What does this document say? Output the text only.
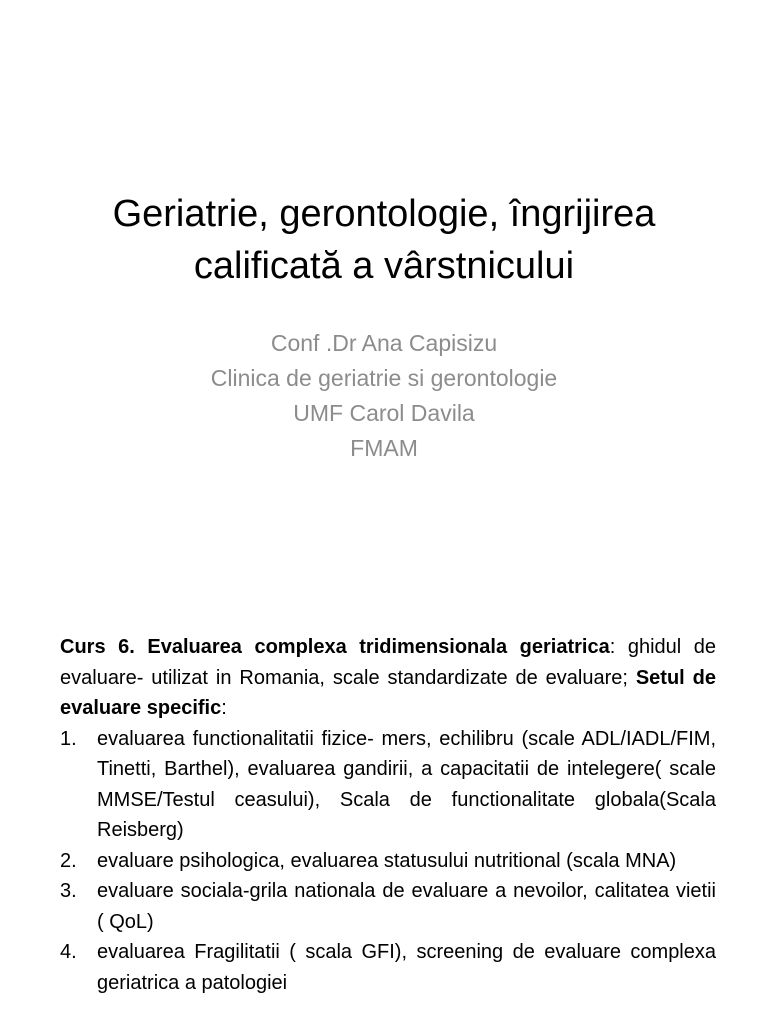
Geriatrie, gerontologie, îngrijirea
calificată a vârstnicului
Conf .Dr Ana Capisizu
Clinica de geriatrie si gerontologie
UMF Carol Davila
FMAM

Curs 6. Evaluarea complexa tridimensionala geriatrica: ghidul de evaluare- utilizat in Romania, scale standardizate de evaluare; Setul de evaluare specific:

1.	evaluarea functionalitatii fizice- mers, echilibru (scale ADL/IADL/FIM, Tinetti, Barthel), evaluarea gandirii, a capacitatii de intelegere( scale MMSE/Testul ceasului), Scala de functionalitate globala(Scala Reisberg)
2.	evaluare psihologica, evaluarea statusului nutritional (scala MNA)
3.	evaluare sociala-grila nationala de evaluare a nevoilor, calitatea vietii ( QoL)
4.	evaluarea Fragilitatii ( scala GFI), screening de evaluare complexa geriatrica a patologiei
